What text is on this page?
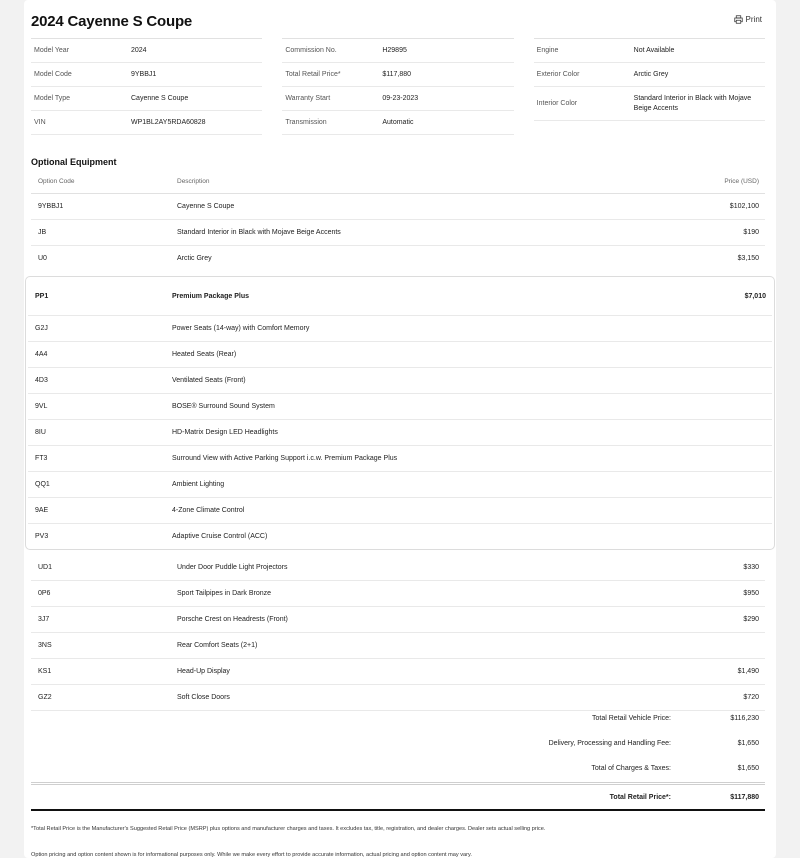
2024 Cayenne S Coupe	Print
Model Year	2024
Model Code	9YBBJ1
Model Type	Cayenne S Coupe
VIN	WP1BL2AY5RDA60828
Commission No.	H29895
Total Retail Price*	$117,880
Warranty Start	09-23-2023
Transmission	Automatic
Engine	Not Available
Exterior Color	Arctic Grey
Interior Color
Standard Interior in Black with Mojave Beige Accents
Optional Equipment
Option Code	Description	Price (USD)
9YBBJ1	Cayenne S Coupe	$102,100
JB	Standard Interior in Black with Mojave Beige Accents	$190
U0	Arctic Grey	$3,150
PP1	Premium Package Plus	$7,010
G2J	Power Seats (14-way) with Comfort Memory
4A4	Heated Seats (Rear)
4D3	Ventilated Seats (Front)
9VL	BOSE® Surround Sound System
8IU	HD-Matrix Design LED Headlights
FT3	Surround View with Active Parking Support i.c.w. Premium Package Plus
QQ1	Ambient Lighting
9AE	4-Zone Climate Control
PV3	Adaptive Cruise Control (ACC)
UD1	Under Door Puddle Light Projectors	$330
0P6	Sport Tailpipes in Dark Bronze	$950
3J7	Porsche Crest on Headrests (Front)	$290
3NS	Rear Comfort Seats (2+1)
KS1	Head-Up Display	$1,490
GZ2	Soft Close Doors	$720
Total Retail Vehicle Price:	$116,230
Delivery, Processing and Handling Fee:	$1,650
Total of Charges & Taxes:	$1,650
Total Retail Price*:	$117,880
*Total Retail Price is the Manufacturer's Suggested Retail Price (MSRP) plus options and manufacturer charges and taxes. It excludes tax, title, registration, and dealer charges. Dealer sets actual selling price.
Option pricing and option content shown is for informational purposes only. While we make every effort to provide accurate information, actual pricing and option content may vary.
